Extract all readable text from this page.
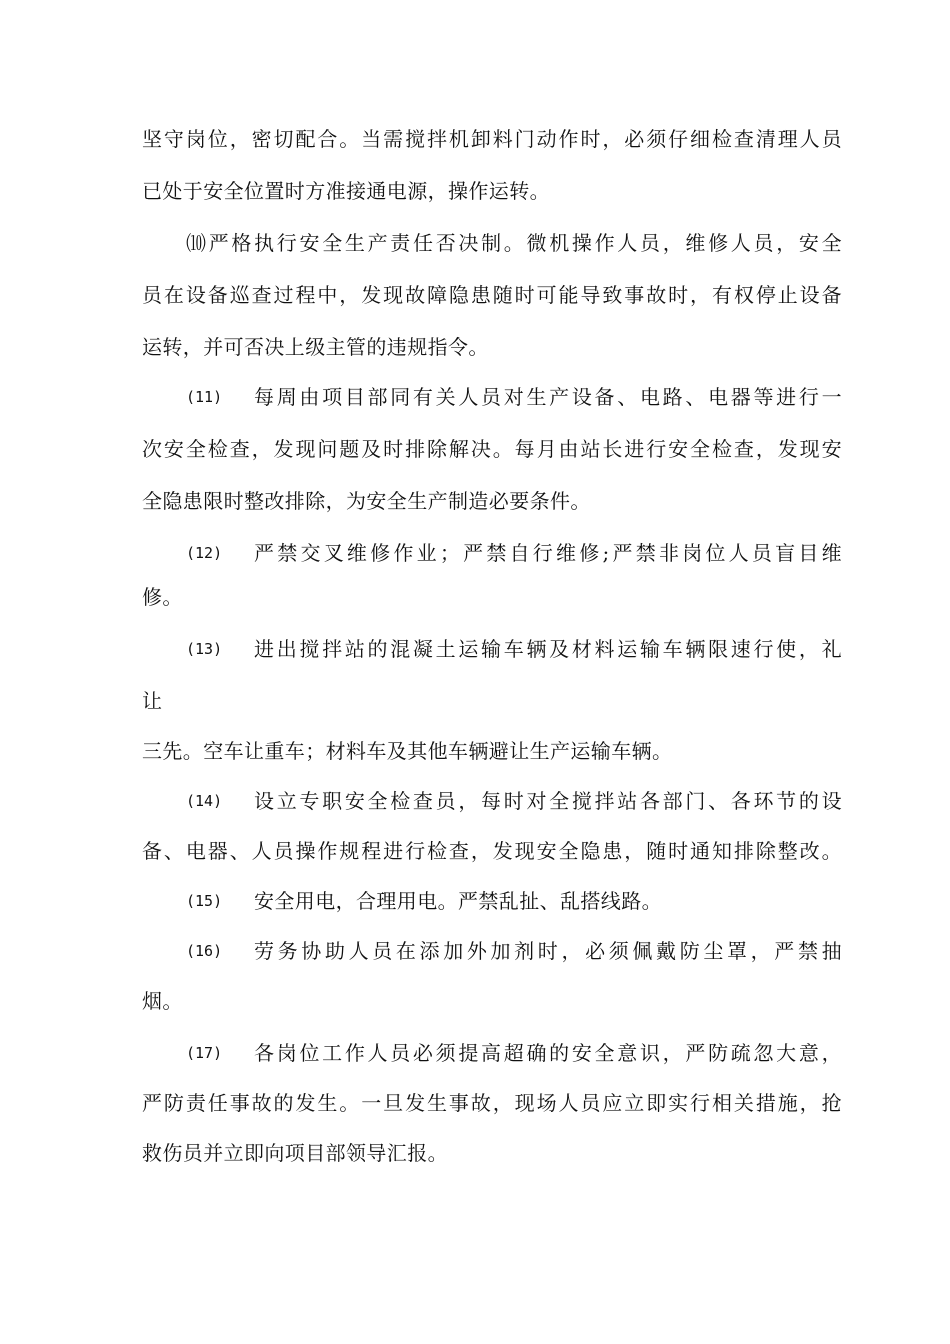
坚守岗位，密切配合。当需搅拌机卸料门动作时，必须仔细检查清理人员
已处于安全位置时方准接通电源，操作运转。
⑽严格执行安全生产责任否决制。微机操作人员，维修人员，安全
员在设备巡查过程中，发现故障隐患随时可能导致事故时，有权停止设备
运转，并可否决上级主管的违规指令。
(11)	每周由项目部同有关人员对生产设备、电路、电器等进行一
次安全检查，发现问题及时排除解决。每月由站长进行安全检查，发现安
全隐患限时整改排除，为安全生产制造必要条件。
(12)	严禁交叉维修作业；严禁自行维修;严禁非岗位人员盲目维
修。
(13)	进出搅拌站的混凝土运输车辆及材料运输车辆限速行使，礼
让
三先。空车让重车；材料车及其他车辆避让生产运输车辆。
(14)	设立专职安全检查员，每时对全搅拌站各部门、各环节的设
备、电器、人员操作规程进行检查，发现安全隐患，随时通知排除整改。
(15)	安全用电，合理用电。严禁乱扯、乱搭线路。
(16)	劳务协助人员在添加外加剂时，必须佩戴防尘罩，严禁抽
烟。
(17)	各岗位工作人员必须提高超确的安全意识，严防疏忽大意，
严防责任事故的发生。一旦发生事故，现场人员应立即实行相关措施，抢
救伤员并立即向项目部领导汇报。
